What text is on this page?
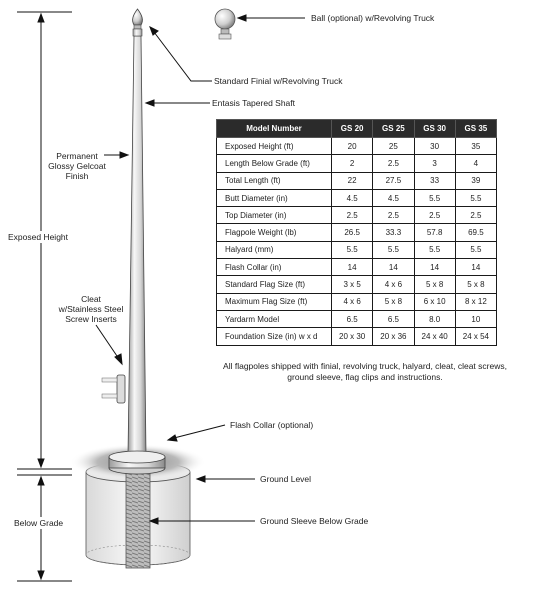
Ball (optional) w/Revolving Truck
Standard Finial w/Revolving Truck
Entasis Tapered Shaft
Permanent
Glossy Gelcoat
Finish
Cleat
w/Stainless Steel
Screw Inserts
Flash Collar (optional)
Ground Level
Ground Sleeve Below Grade
Exposed Height
Below Grade
Model Number	GS 20	GS 25	GS 30	GS 35
Exposed Height (ft)	20	25	30	35
Length Below Grade (ft)	2	2.5	3	4
Total Length (ft)	22	27.5	33	39
Butt Diameter (in)	4.5	4.5	5.5	5.5
Top Diameter (in)	2.5	2.5	2.5	2.5
Flagpole Weight (lb)	26.5	33.3	57.8	69.5
Halyard (mm)	5.5	5.5	5.5	5.5
Flash Collar (in)	14	14	14	14
Standard Flag Size (ft)	3 x 5	4 x 6	5 x 8	5 x 8
Maximum Flag Size (ft)	4 x 6	5 x 8	6 x 10	8 x 12
Yardarm Model	6.5	6.5	8.0	10
Foundation Size (in) w x d	20 x 30	20 x 36	24 x 40	24 x 54
All flagpoles shipped with finial, revolving truck, halyard, cleat, cleat screws, ground sleeve, flag clips and instructions.
